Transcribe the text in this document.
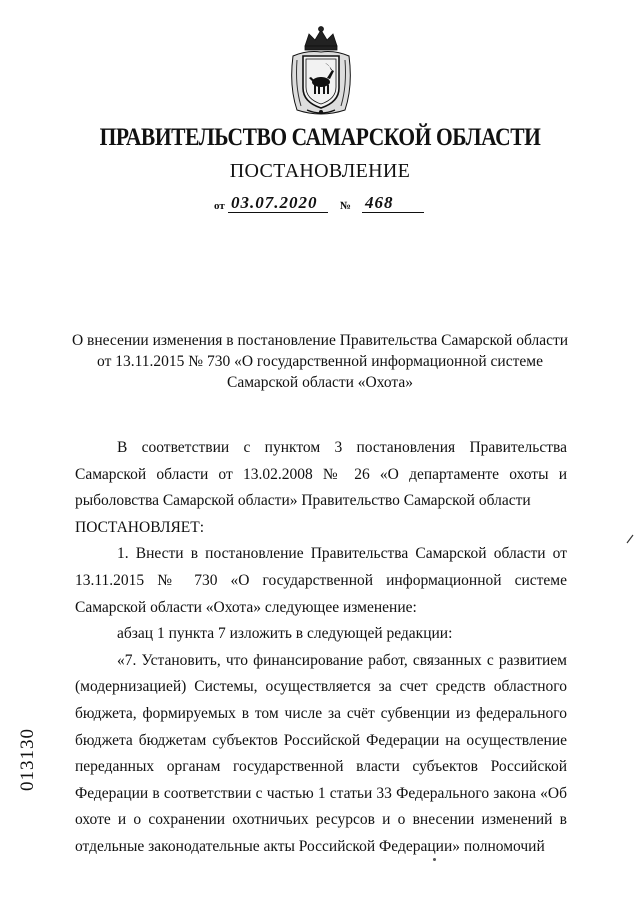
ПРАВИТЕЛЬСТВО САМАРСКОЙ ОБЛАСТИ
ПОСТАНОВЛЕНИЕ
от 03.07.2020	№ 468
О внесении изменения в постановление Правительства Самарской области
от 13.11.2015 № 730 «О государственной информационной системе
Самарской области «Охота»

В соответствии с пунктом 3 постановления Правительства Самарской области от 13.02.2008 № 26 «О департаменте охоты и рыболовства Самарской области» Правительство Самарской области

ПОСТАНОВЛЯЕТ:

1. Внести в постановление Правительства Самарской области от 13.11.2015 № 730 «О государственной информационной системе Самарской области «Охота» следующее изменение:

абзац 1 пункта 7 изложить в следующей редакции:

«7. Установить, что финансирование работ, связанных с развитием (модернизацией) Системы, осуществляется за счет средств областного бюджета, формируемых в том числе за счёт субвенции из федерального бюджета бюджетам субъектов Российской Федерации на осуществление переданных органам государственной власти субъектов Российской Федерации в соответствии с частью 1 статьи 33 Федерального закона «Об охоте и о сохранении охотничьих ресурсов и о внесении изменений в отдельные законодательные акты Российской Федерации» полномочий

013130
